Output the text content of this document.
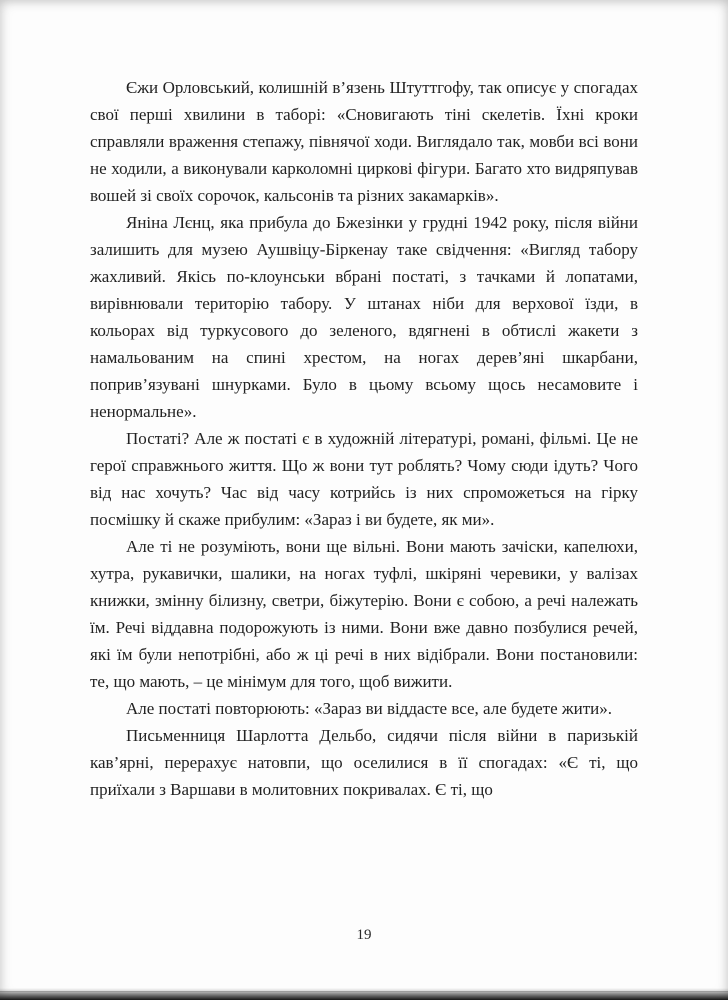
Єжи Орловський, колишній в’язень Штуттгофу, так описує у спогадах свої перші хвилини в таборі: «Сновигають тіні скелетів. Їхні кроки справляли враження степажу, півнячої ходи. Виглядало так, мовби всі вони не ходили, а виконували карколомні циркові фігури. Багато хто видряпував вошей зі своїх сорочок, кальсонів та різних закамарків».

Яніна Лєнц, яка прибула до Бжезінки у грудні 1942 року, після війни залишить для музею Аушвіцу-Біркенау таке свідчення: «Вигляд табору жахливий. Якісь по-клоунськи вбрані постаті, з тачками й лопатами, вирівнювали територію табору. У штанах ніби для верхової їзди, в кольорах від туркусового до зеленого, вдягнені в обтислі жакети з намальованим на спині хрестом, на ногах дерев’яні шкарбани, поприв’язувані шнурками. Було в цьому всьому щось несамовите і ненормальне».

Постаті? Але ж постаті є в художній літературі, романі, фільмі. Це не герої справжнього життя. Що ж вони тут роблять? Чому сюди ідуть? Чого від нас хочуть? Час від часу котрийсь із них спроможеться на гірку посмішку й скаже прибулим: «Зараз і ви будете, як ми».

Але ті не розуміють, вони ще вільні. Вони мають зачіски, капелюхи, хутра, рукавички, шалики, на ногах туфлі, шкіряні черевики, у валізах книжки, змінну білизну, светри, біжутерію. Вони є собою, а речі належать їм. Речі віддавна подорожують із ними. Вони вже давно позбулися речей, які їм були непотрібні, або ж ці речі в них відібрали. Вони постановили: те, що мають, – це мінімум для того, щоб вижити.

Але постаті повторюють: «Зараз ви віддасте все, але будете жити».

Письменниця Шарлотта Дельбо, сидячи після війни в паризькій кав’ярні, перерахує натовпи, що оселилися в її спогадах: «Є ті, що приїхали з Варшави в молитовних покривалах. Є ті, що

19
